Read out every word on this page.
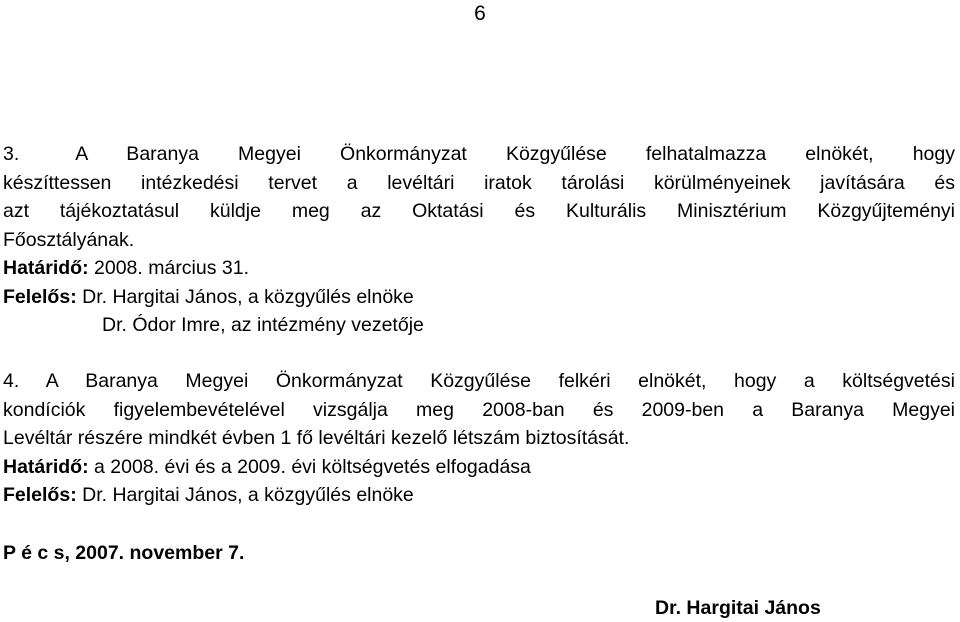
6
3.	A Baranya Megyei Önkormányzat Közgyűlése felhatalmazza elnökét, hogy
készíttessen intézkedési tervet a levéltári iratok tárolási körülményeinek javítására és
azt tájékoztatásul küldje meg az Oktatási és Kulturális Minisztérium Közgyűjteményi
Főosztályának.
Határidő: 2008. március 31.
Felelős: Dr. Hargitai János, a közgyűlés elnöke
Dr. Ódor Imre, az intézmény vezetője
4. A Baranya Megyei Önkormányzat Közgyűlése felkéri elnökét, hogy a költségvetési
kondíciók figyelembevételével vizsgálja meg 2008-ban és 2009-ben a Baranya Megyei
Levéltár részére mindkét évben 1 fő levéltári kezelő létszám biztosítását.
Határidő: a 2008. évi és a 2009. évi költségvetés elfogadása
Felelős: Dr. Hargitai János, a közgyűlés elnöke
P é c s, 2007. november 7.
Dr. Hargitai János
